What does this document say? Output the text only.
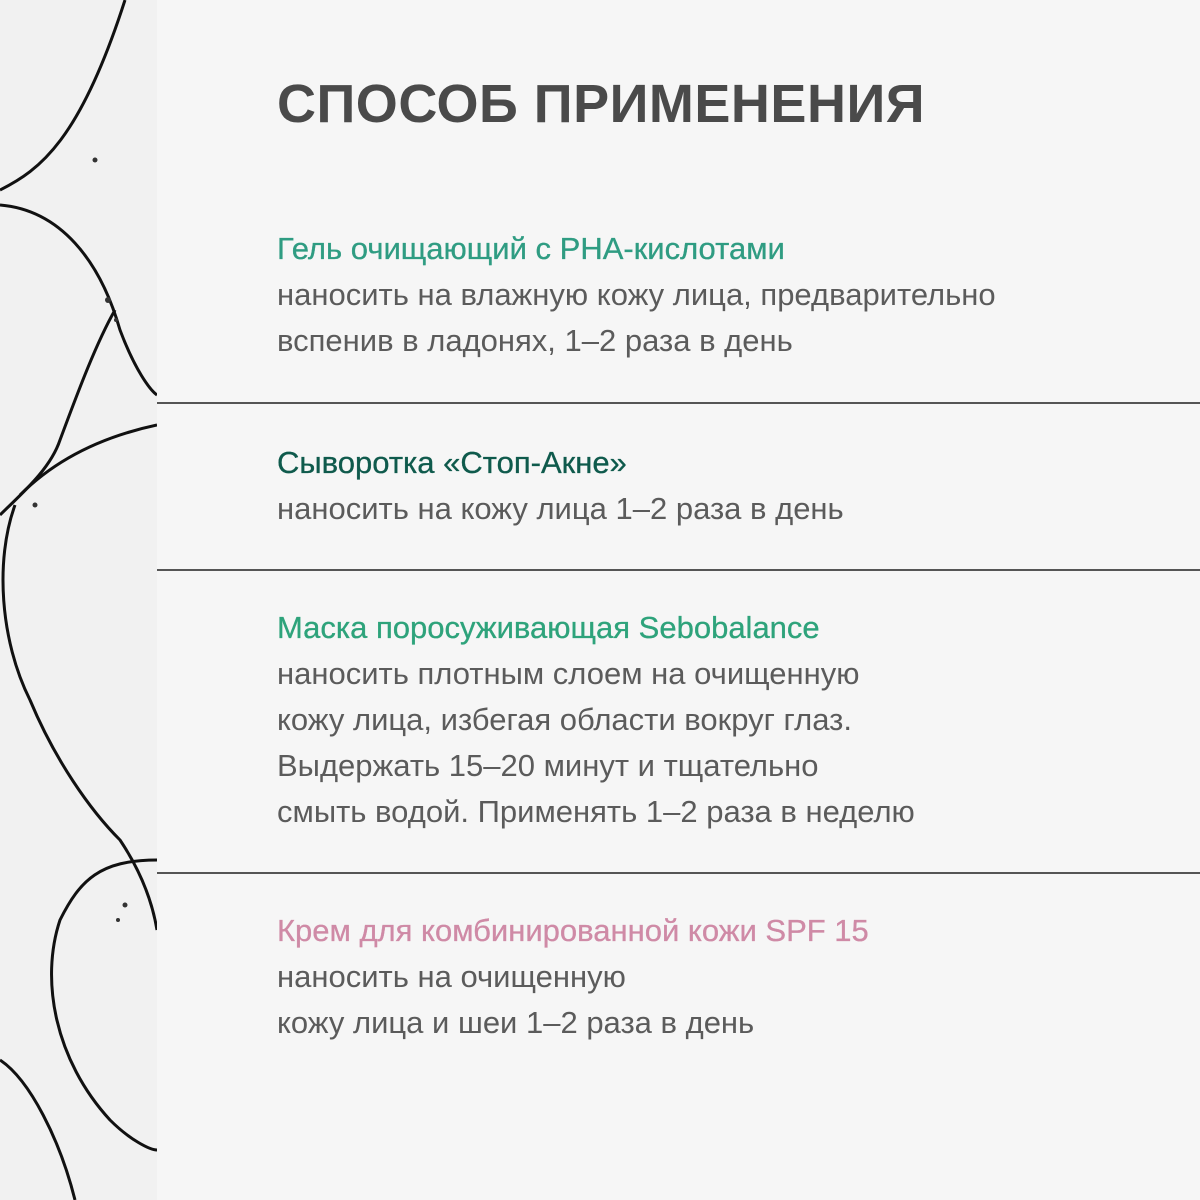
СПОСОБ ПРИМЕНЕНИЯ

Гель очищающий с PHA-кислотами

наносить на влажную кожу лица, предварительно

вспенив в ладонях, 1–2 раза в день

Сыворотка «Стоп-Акне»

наносить на кожу лица 1–2 раза в день

Маска поросуживающая Sebobalance

наносить плотным слоем на очищенную

кожу лица, избегая области вокруг глаз.

Выдержать 15–20 минут и тщательно

смыть водой. Применять 1–2 раза в неделю

Крем для комбинированной кожи SPF 15

наносить на очищенную

кожу лица и шеи 1–2 раза в день
